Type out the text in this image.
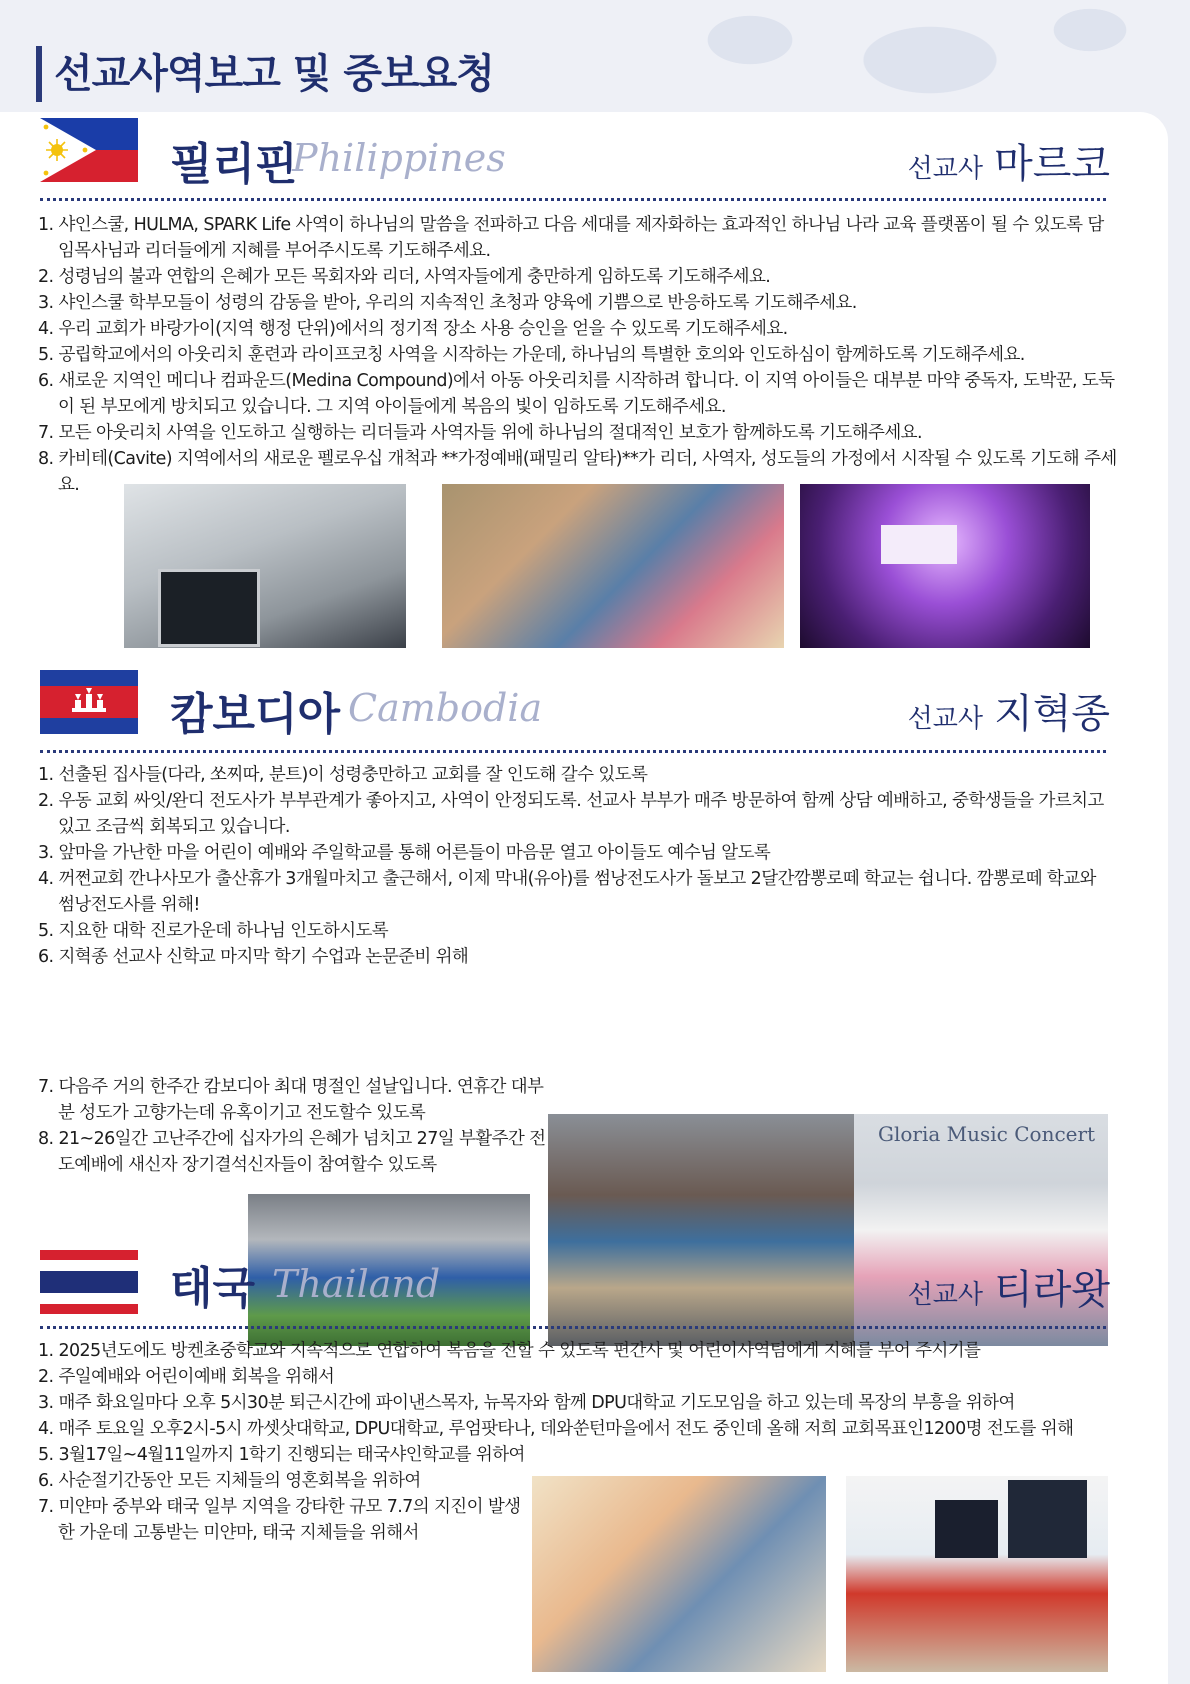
선교사역보고 및 중보요청
필리핀
Philippines	선교사 마르코
1. 샤인스쿨, HULMA, SPARK Life 사역이 하나님의 말씀을 전파하고 다음 세대를 제자화하는 효과적인 하나님 나라 교육 플랫폼이 될 수 있도록 담임목사님과 리더들에게 지혜를 부어주시도록 기도해주세요.
2. 성령님의 불과 연합의 은혜가 모든 목회자와 리더, 사역자들에게 충만하게 임하도록 기도해주세요.
3. 샤인스쿨 학부모들이 성령의 감동을 받아, 우리의 지속적인 초청과 양육에 기쁨으로 반응하도록 기도해주세요.
4. 우리 교회가 바랑가이(지역 행정 단위)에서의 정기적 장소 사용 승인을 얻을 수 있도록 기도해주세요.
5. 공립학교에서의 아웃리치 훈련과 라이프코칭 사역을 시작하는 가운데, 하나님의 특별한 호의와 인도하심이 함께하도록 기도해주세요.
6. 새로운 지역인 메디나 컴파운드(Medina Compound)에서 아동 아웃리치를 시작하려 합니다. 이 지역 아이들은 대부분 마약 중독자, 도박꾼, 도둑이 된 부모에게 방치되고 있습니다. 그 지역 아이들에게 복음의 빛이 임하도록 기도해주세요.
7. 모든 아웃리치 사역을 인도하고 실행하는 리더들과 사역자들 위에 하나님의 절대적인 보호가 함께하도록 기도해주세요.
8. 카비테(Cavite) 지역에서의 새로운 펠로우십 개척과 **가정예배(패밀리 알타)**가 리더, 사역자, 성도들의 가정에서 시작될 수 있도록 기도해 주세요.
캄보디아 Cambodia	선교사 지혁종
1. 선출된 집사들(다라, 쏘찌따, 분트)이 성령충만하고 교회를 잘 인도해 갈수 있도록
2. 우동 교회 싸잇/완디 전도사가 부부관계가 좋아지고, 사역이 안정되도록. 선교사 부부가 매주 방문하여 함께 상담 예배하고, 중학생들을 가르치고 있고 조금씩 회복되고 있습니다.
3. 앞마을 가난한 마을 어린이 예배와 주일학교를 통해 어른들이 마음문 열고 아이들도 예수님 알도록
4. 꺼쩐교회 깐나사모가 출산휴가 3개월마치고 출근해서, 이제 막내(유아)를 썸낭전도사가 돌보고 2달간깜뽕로떼 학교는 쉽니다. 깜뽕로떼 학교와 썸낭전도사를 위해!
5. 지요한 대학 진로가운데 하나님 인도하시도록
6. 지혁종 선교사 신학교 마지막 학기 수업과 논문준비 위해
7. 다음주 거의 한주간 캄보디아 최대 명절인 설날입니다. 연휴간 대부분 성도가 고향가는데 유혹이기고 전도할수 있도록
8. 21~26일간 고난주간에 십자가의 은혜가 넘치고 27일 부활주간 전도예배에 새신자 장기결석신자들이 참여할수 있도록
Gloria Music Concert
태국 Thailand	선교사 티라왓
1. 2025년도에도 방켄초중학교와 지속적으로 연합하여 복음을 전할 수 있도록 편간사 및 어린이사역팀에게 지혜를 부어 주시기를
2. 주일예배와 어린이예배 회복을 위해서
3. 매주 화요일마다 오후 5시30분 퇴근시간에 파이낸스목자, 뉴목자와 함께 DPU대학교 기도모임을 하고 있는데 목장의 부흥을 위하여
4. 매주 토요일 오후2시-5시 까셋삿대학교, DPU대학교, 루엄팟타나, 데와쑨턴마을에서 전도 중인데 올해 저희 교회목표인1200명 전도를 위해
5. 3월17일~4월11일까지 1학기 진행되는 태국샤인학교를 위하여
6. 사순절기간동안 모든 지체들의 영혼회복을 위하여
7. 미얀마 중부와 태국 일부 지역을 강타한 규모 7.7의 지진이 발생한 가운데 고통받는 미얀마, 태국 지체들을 위해서
